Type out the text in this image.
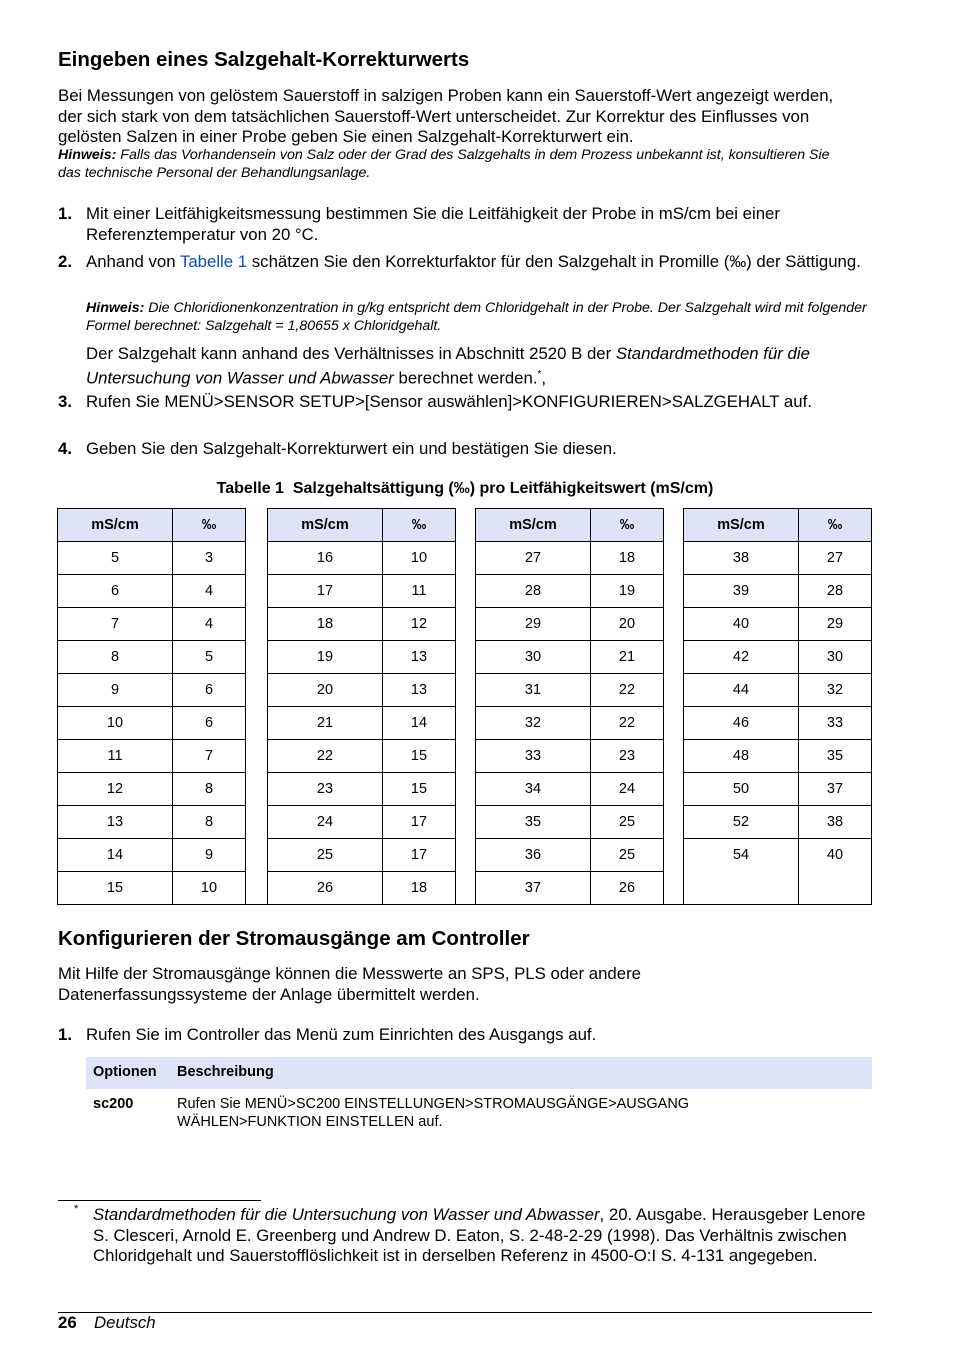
Eingeben eines Salzgehalt-Korrekturwerts
Bei Messungen von gelöstem Sauerstoff in salzigen Proben kann ein Sauerstoff-Wert angezeigt werden, der sich stark von dem tatsächlichen Sauerstoff-Wert unterscheidet. Zur Korrektur des Einflusses von gelösten Salzen in einer Probe geben Sie einen Salzgehalt-Korrekturwert ein.
Hinweis: Falls das Vorhandensein von Salz oder der Grad des Salzgehalts in dem Prozess unbekannt ist, konsultieren Sie das technische Personal der Behandlungsanlage.
1. Mit einer Leitfähigkeitsmessung bestimmen Sie die Leitfähigkeit der Probe in mS/cm bei einer Referenztemperatur von 20 °C.
2. Anhand von Tabelle 1 schätzen Sie den Korrekturfaktor für den Salzgehalt in Promille (‰) der Sättigung.
Hinweis: Die Chloridionenkonzentration in g/kg entspricht dem Chloridgehalt in der Probe. Der Salzgehalt wird mit folgender Formel berechnet: Salzgehalt = 1,80655 x Chloridgehalt.
Der Salzgehalt kann anhand des Verhältnisses in Abschnitt 2520 B der Standardmethoden für die Untersuchung von Wasser und Abwasser berechnet werden.*,
3. Rufen Sie MENÜ>SENSOR SETUP>[Sensor auswählen]>KONFIGURIEREN>SALZGEHALT auf.
4. Geben Sie den Salzgehalt-Korrekturwert ein und bestätigen Sie diesen.
Tabelle 1  Salzgehaltsättigung (‰) pro Leitfähigkeitswert (mS/cm)
mS/cm	‰		mS/cm	‰		mS/cm	‰		mS/cm	‰
5	3		16	10		27	18		38	27
6	4		17	11		28	19		39	28
7	4		18	12		29	20		40	29
8	5		19	13		30	21		42	30
9	6		20	13		31	22		44	32
10	6		21	14		32	22		46	33
11	7		22	15		33	23		48	35
12	8		23	15		34	24		50	37
13	8		24	17		35	25		52	38
14	9		25	17		36	25		54	40
15	10		26	18		37	26			
Konfigurieren der Stromausgänge am Controller
Mit Hilfe der Stromausgänge können die Messwerte an SPS, PLS oder andere Datenerfassungssysteme der Anlage übermittelt werden.
1. Rufen Sie im Controller das Menü zum Einrichten des Ausgangs auf.
Optionen Beschreibung
sc200	Rufen Sie MENÜ>SC200 EINSTELLUNGEN>STROMAUSGÄNGE>AUSGANG WÄHLEN>FUNKTION EINSTELLEN auf.
* Standardmethoden für die Untersuchung von Wasser und Abwasser, 20. Ausgabe. Herausgeber Lenore S. Clesceri, Arnold E. Greenberg und Andrew D. Eaton, S. 2-48-2-29 (1998). Das Verhältnis zwischen Chloridgehalt und Sauerstofflöslichkeit ist in derselben Referenz in 4500-O:I S. 4-131 angegeben.
26 Deutsch
